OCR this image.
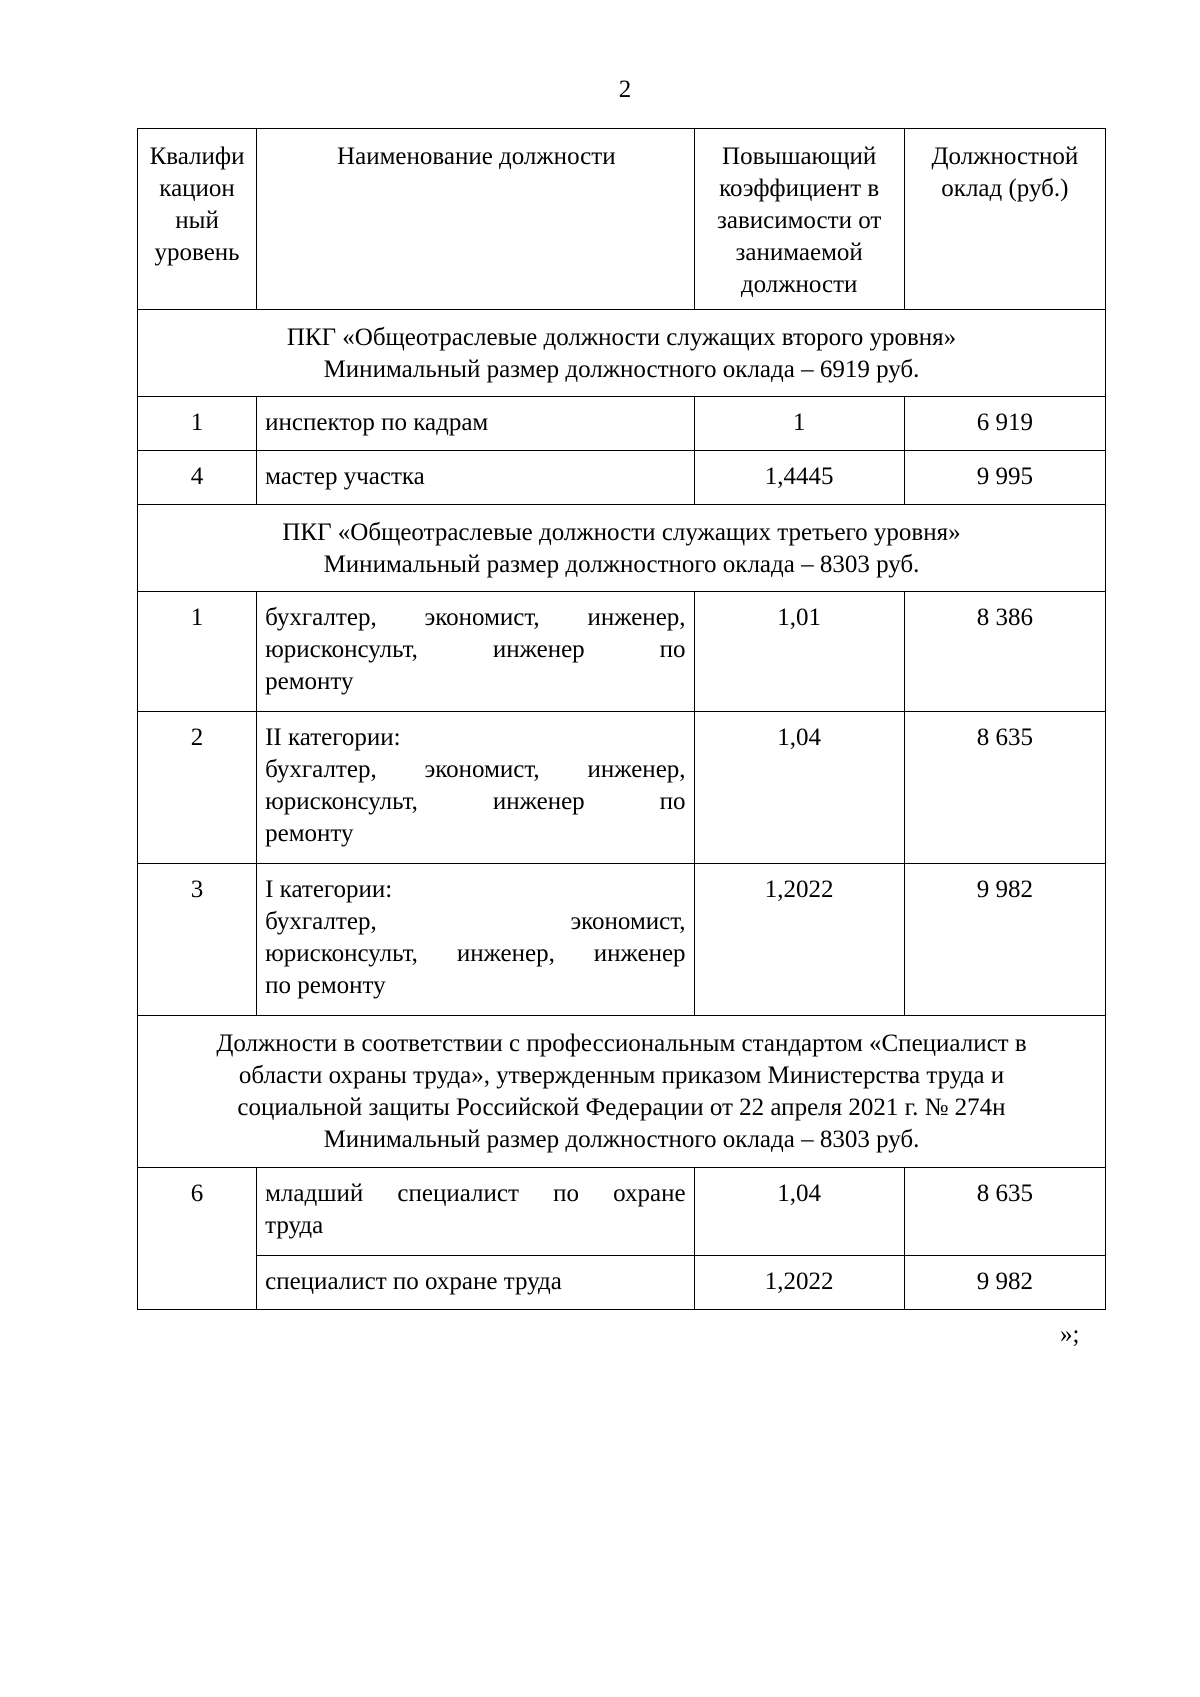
2
Квалифи
кацион
ный
уровень	Наименование должности	Повышающий
коэффициент в
зависимости от
занимаемой
должности	Должностной
оклад (руб.)

ПКГ «Общеотраслевые должности служащих второго уровня»
Минимальный размер должностного оклада – 6919 руб.			

1	инспектор по кадрам	1	6 919

4	мастер участка	1,4445	9 995

ПКГ «Общеотраслевые должности служащих третьего уровня»
Минимальный размер должностного оклада – 8303 руб.			

1	бухгалтер, экономист, инженер,
юрисконсульт, инженер по
ремонту	1,01	8 386

2	II категории:
бухгалтер, экономист, инженер,
юрисконсульт, инженер по
ремонту	1,04	8 635

3	I категории:
бухгалтер, экономист,
юрисконсульт, инженер, инженер
по ремонту	1,2022	9 982

Должности в соответствии с профессиональным стандартом «Специалист в
области охраны труда», утвержденным приказом Министерства труда и
социальной защиты Российской Федерации от 22 апреля 2021 г. № 274н
Минимальный размер должностного оклада – 8303 руб.			

6	младший специалист по охране
труда	1,04	8 635

	специалист по охране труда	1,2022	9 982
»;
